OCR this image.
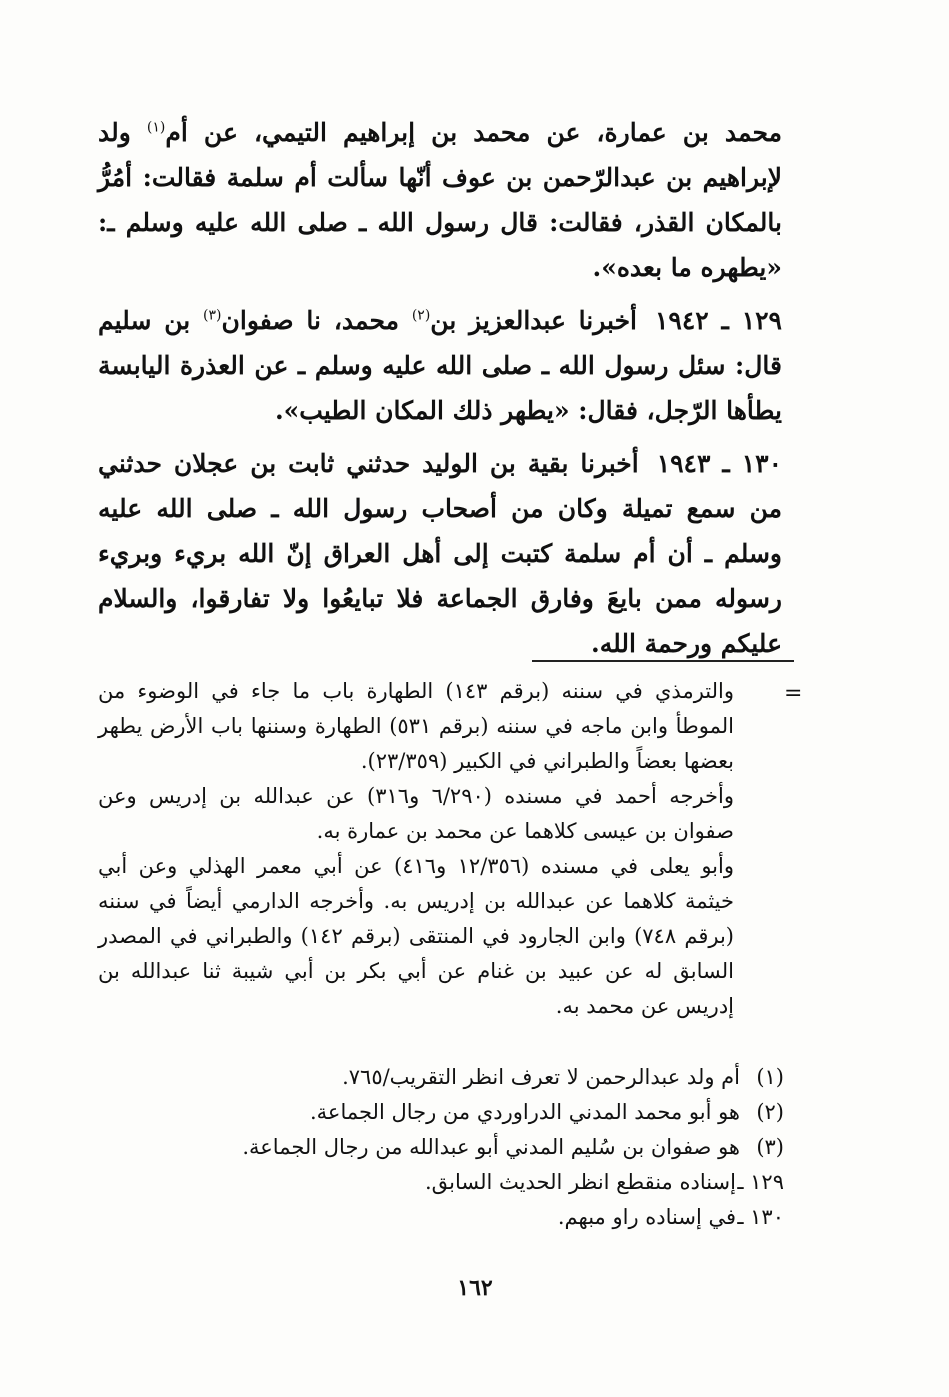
محمد بن عمارة، عن محمد بن إبراهيم التيمي، عن أم$^{(١)}$ ولد لإبراهيم بن عبدالرّحمن بن عوف أنّها سألت أم سلمة فقالت: أمُرُّ بالمكان القذر، فقالت: قال رسول الله ـ صلى الله عليه وسلم ـ: «يطهره ما بعده».

١٢٩ ـ ١٩٤٢أخبرنا عبدالعزيز بن$^{(٢)}$ محمد، نا صفوان$^{(٣)}$ بن سليم قال: سئل رسول الله ـ صلى الله عليه وسلم ـ عن العذرة اليابسة يطأها الرّجل، فقال: «يطهر ذلك المكان الطيب».

١٣٠ ـ ١٩٤٣أخبرنا بقية بن الوليد حدثني ثابت بن عجلان حدثني من سمع تميلة وكان من أصحاب رسول الله ـ صلى الله عليه وسلم ـ أن أم سلمة كتبت إلى أهل العراق إنّ الله بريء وبريء رسوله ممن بايعَ وفارق الجماعة فلا تبايعُوا ولا تفارقوا، والسلام عليكم ورحمة الله.

=

والترمذي في سننه (برقم ١٤٣) الطهارة باب ما جاء في الوضوء من الموطأ وابن ماجه في سننه (برقم ٥٣١) الطهارة وسننها باب الأرض يطهر بعضها بعضاً والطبراني في الكبير (٢٣/٣٥٩).

وأخرجه أحمد في مسنده (٦/٢٩٠ و٣١٦) عن عبدالله بن إدريس وعن صفوان بن عيسى كلاهما عن محمد بن عمارة به.

وأبو يعلى في مسنده (١٢/٣٥٦ و٤١٦) عن أبي معمر الهذلي وعن أبي خيثمة كلاهما عن عبدالله بن إدريس به. وأخرجه الدارمي أيضاً في سننه (برقم ٧٤٨) وابن الجارود في المنتقى (برقم ١٤٢) والطبراني في المصدر السابق له عن عبيد بن غنام عن أبي بكر بن أبي شيبة ثنا عبدالله بن إدريس عن محمد به.

(١)أم ولد عبدالرحمن لا تعرف انظر التقريب/٧٦٥.
(٢)هو أبو محمد المدني الدراوردي من رجال الجماعة.
(٣)هو صفوان بن سُليم المدني أبو عبدالله من رجال الجماعة.
١٢٩ ـإسناده منقطع انظر الحديث السابق.
١٣٠ ـفي إسناده راو مبهم.
١٦٢
